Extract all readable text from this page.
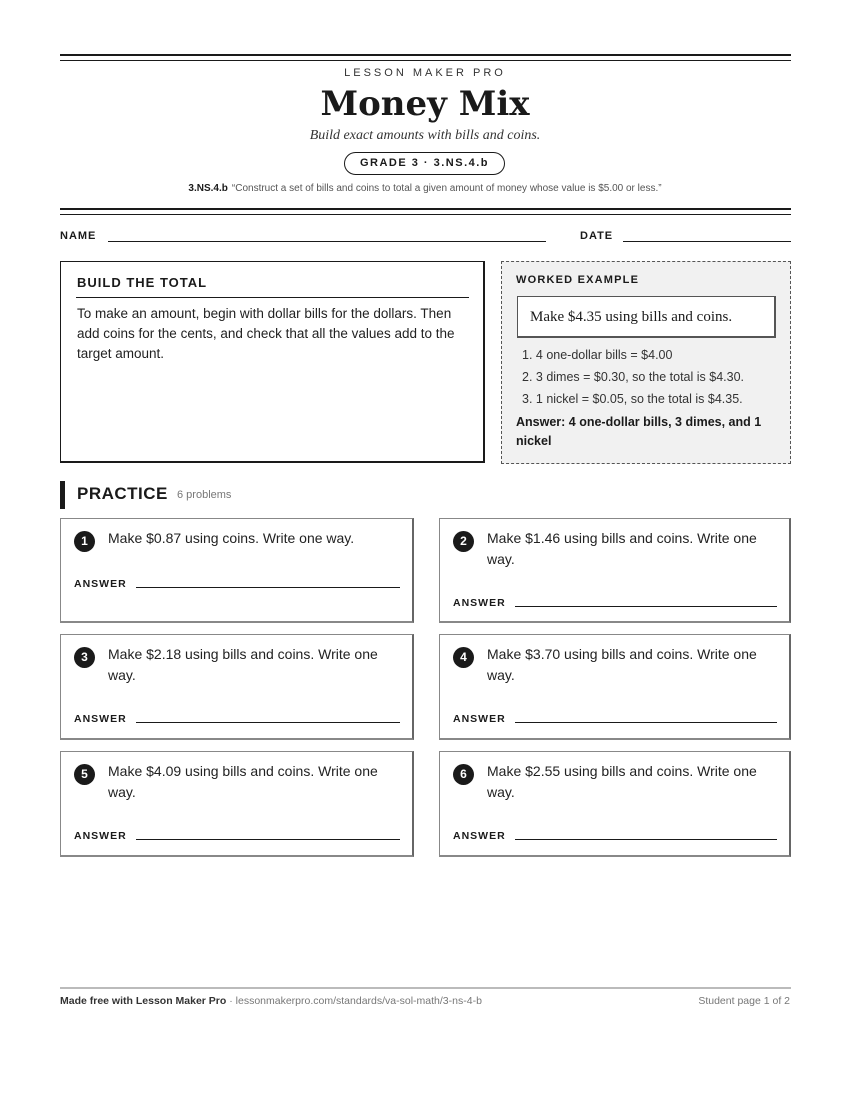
LESSON MAKER PRO
Money Mix
Build exact amounts with bills and coins.
GRADE 3 · 3.NS.4.b
3.NS.4.b “Construct a set of bills and coins to total a given amount of money whose value is $5.00 or less.”
NAME	DATE
BUILD THE TOTAL
To make an amount, begin with dollar bills for the dollars. Then add coins for the cents, and check that all the values add to the target amount.
WORKED EXAMPLE
Make $4.35 using bills and coins.
1. 4 one-dollar bills = $4.00
2. 3 dimes = $0.30, so the total is $4.30.
3. 1 nickel = $0.05, so the total is $4.35.
Answer: 4 one-dollar bills, 3 dimes, and 1 nickel
PRACTICE 6 problems
1	Make $0.87 using coins. Write one way.
ANSWER
2	Make $1.46 using bills and coins. Write one way.
ANSWER
3	Make $2.18 using bills and coins. Write one way.
ANSWER
4	Make $3.70 using bills and coins. Write one way.
ANSWER
5	Make $4.09 using bills and coins. Write one way.
ANSWER
6	Make $2.55 using bills and coins. Write one way.
ANSWER
Made free with Lesson Maker Pro · lessonmakerpro.com/standards/va-sol-math/3-ns-4-b	Student page 1 of 2
